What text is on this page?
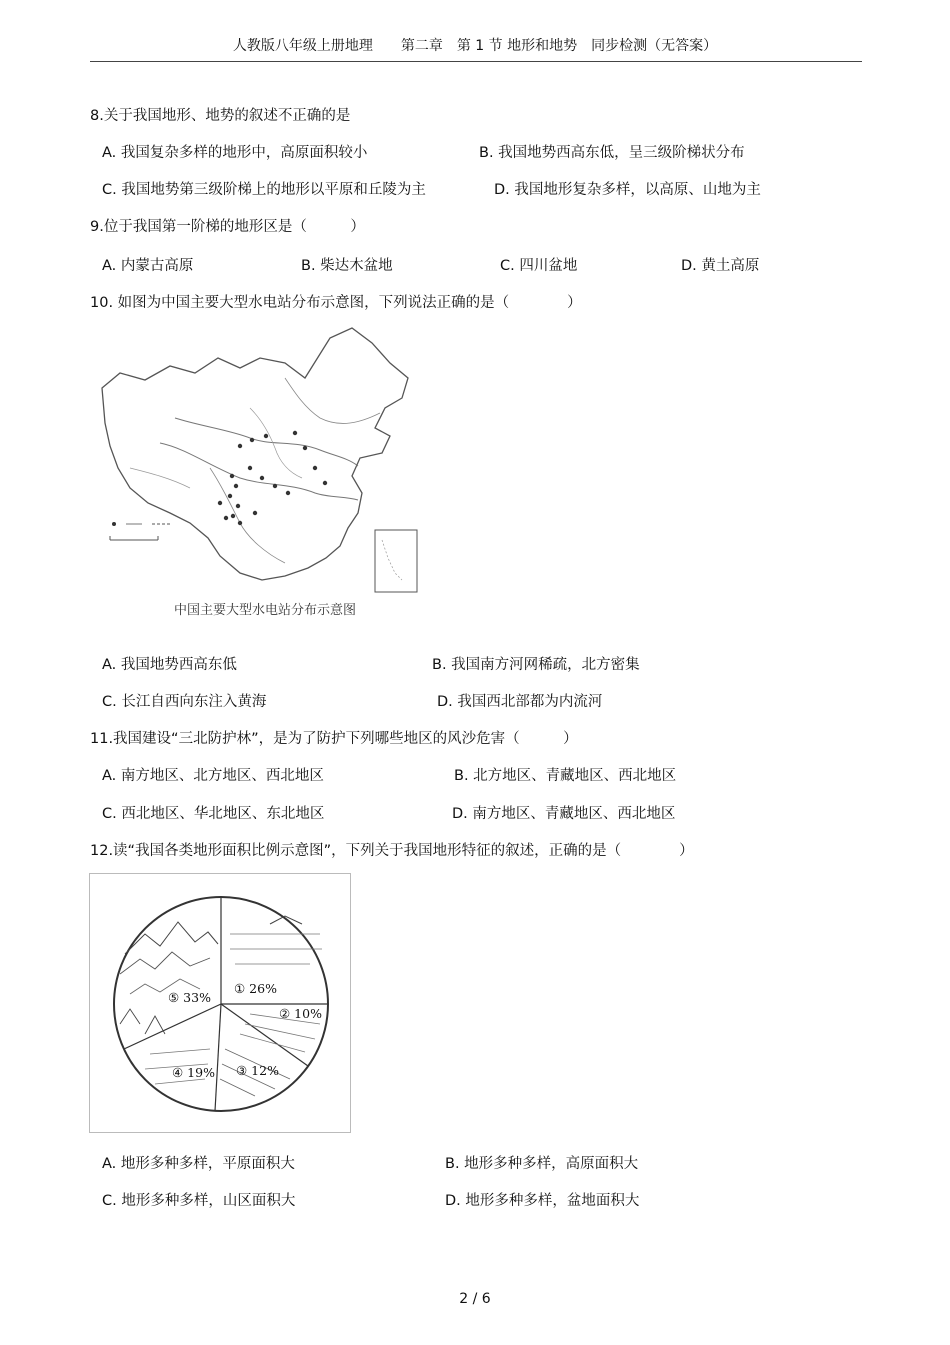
人教版八年级上册地理　　第二章　第 1 节 地形和地势　同步检测（无答案）
8.关于我国地形、地势的叙述不正确的是
A. 我国复杂多样的地形中，高原面积较小	B. 我国地势西高东低，呈三级阶梯状分布
C. 我国地势第三级阶梯上的地形以平原和丘陵为主	D. 我国地形复杂多样，以高原、山地为主
9.位于我国第一阶梯的地形区是（　　　）
A. 内蒙古高原	B. 柴达木盆地	C. 四川盆地	D. 黄土高原
10. 如图为中国主要大型水电站分布示意图，下列说法正确的是（　　　　）
中国主要大型水电站分布示意图
A. 我国地势西高东低	B. 我国南方河网稀疏，北方密集
C. 长江自西向东注入黄海	D. 我国西北部都为内流河
11.我国建设“三北防护林”，是为了防护下列哪些地区的风沙危害（　　　）
A. 南方地区、北方地区、西北地区	B. 北方地区、青藏地区、西北地区
C. 西北地区、华北地区、东北地区	D. 南方地区、青藏地区、西北地区
12.读“我国各类地形面积比例示意图”，下列关于我国地形特征的叙述，正确的是（　　　　）
① 26%
② 10%
③ 12%
④ 19%
⑤ 33%
A. 地形多种多样，平原面积大	B. 地形多种多样，高原面积大
C. 地形多种多样，山区面积大	D. 地形多种多样，盆地面积大
2 / 6
